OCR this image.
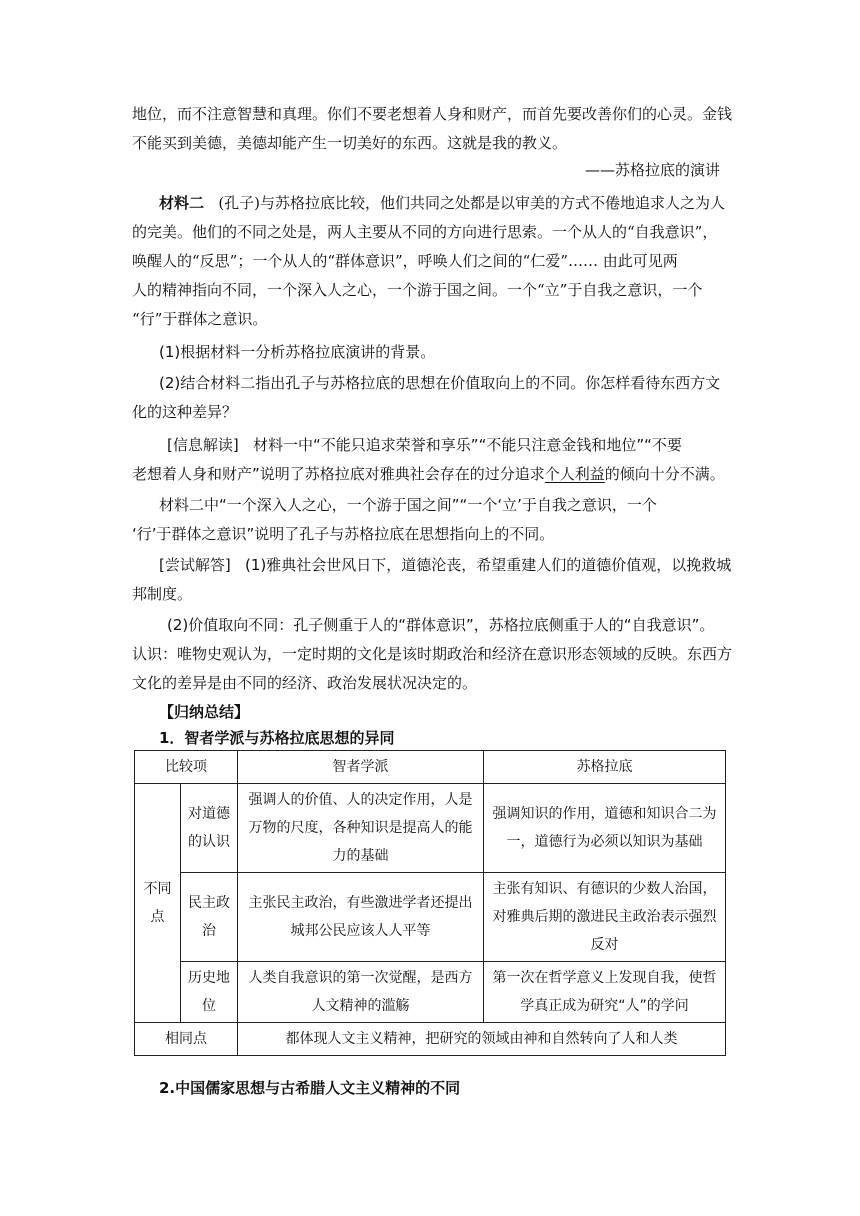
地位，而不注意智慧和真理。你们不要老想着人身和财产，而首先要改善你们的心灵。金钱
不能买到美德，美德却能产生一切美好的东西。这就是我的教义。
——苏格拉底的演讲
材料二 (孔子)与苏格拉底比较，他们共同之处都是以审美的方式不倦地追求人之为人
的完美。他们的不同之处是，两人主要从不同的方向进行思索。一个从人的“自我意识”，
唤醒人的“反思”；一个从人的“群体意识”，呼唤人们之间的“仁爱”…… 由此可见两
人的精神指向不同，一个深入人之心，一个游于国之间。一个“立”于自我之意识，一个
“行”于群体之意识。
(1)根据材料一分析苏格拉底演讲的背景。
(2)结合材料二指出孔子与苏格拉底的思想在价值取向上的不同。你怎样看待东西方文
化的这种差异？
[信息解读] 材料一中“不能只追求荣誉和享乐”“不能只注意金钱和地位”“不要
老想着人身和财产”说明了苏格拉底对雅典社会存在的过分追求个人利益的倾向十分不满。
材料二中“一个深入人之心，一个游于国之间”“一个‘立’于自我之意识，一个
‘行’于群体之意识”说明了孔子与苏格拉底在思想指向上的不同。
[尝试解答] (1)雅典社会世风日下，道德沦丧，希望重建人们的道德价值观，以挽救城
邦制度。
(2)价值取向不同：孔子侧重于人的“群体意识”，苏格拉底侧重于人的“自我意识”。
认识：唯物史观认为，一定时期的文化是该时期政治和经济在意识形态领域的反映。东西方
文化的差异是由不同的经济、政治发展状况决定的。
【归纳总结】
1．智者学派与苏格拉底思想的异同
比较项		智者学派	苏格拉底
不同点	对道德的认识	强调人的价值、人的决定作用，人是万物的尺度，各种知识是提高人的能力的基础	强调知识的作用，道德和知识合二为一，道德行为必须以知识为基础
	民主政治	主张民主政治，有些激进学者还提出城邦公民应该人人平等	主张有知识、有德识的少数人治国，对雅典后期的激进民主政治表示强烈反对
	历史地位	人类自我意识的第一次觉醒，是西方人文精神的滥觞	第一次在哲学意义上发现自我，使哲学真正成为研究“人”的学问
相同点		都体现人文主义精神，把研究的领域由神和自然转向了人和人类	
2.中国儒家思想与古希腊人文主义精神的不同
